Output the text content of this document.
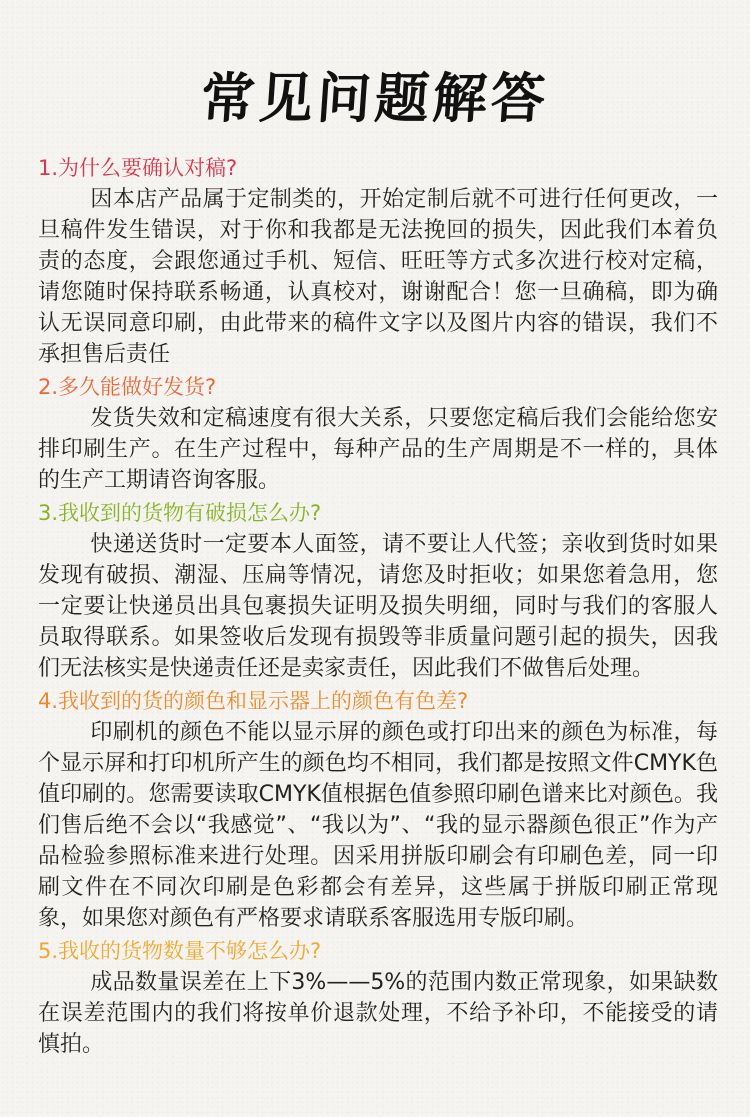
常见问题解答
1.为什么要确认对稿?
因本店产品属于定制类的，开始定制后就不可进行任何更改，一旦稿件发生错误，对于你和我都是无法挽回的损失，因此我们本着负责的态度，会跟您通过手机、短信、旺旺等方式多次进行校对定稿，请您随时保持联系畅通，认真校对，谢谢配合！您一旦确稿，即为确认无误同意印刷，由此带来的稿件文字以及图片内容的错误，我们不承担售后责任
2.多久能做好发货?
发货失效和定稿速度有很大关系，只要您定稿后我们会能给您安排印刷生产。在生产过程中，每种产品的生产周期是不一样的，具体的生产工期请咨询客服。
3.我收到的货物有破损怎么办?
快递送货时一定要本人面签，请不要让人代签；亲收到货时如果发现有破损、潮湿、压扁等情况，请您及时拒收；如果您着急用，您一定要让快递员出具包裹损失证明及损失明细，同时与我们的客服人员取得联系。如果签收后发现有损毁等非质量问题引起的损失，因我们无法核实是快递责任还是卖家责任，因此我们不做售后处理。
4.我收到的货的颜色和显示器上的颜色有色差?
印刷机的颜色不能以显示屏的颜色或打印出来的颜色为标准，每个显示屏和打印机所产生的颜色均不相同，我们都是按照文件CMYK色值印刷的。您需要读取CMYK值根据色值参照印刷色谱来比对颜色。我们售后绝不会以“我感觉”、“我以为”、“我的显示器颜色很正”作为产品检验参照标准来进行处理。因采用拼版印刷会有印刷色差，同一印刷文件在不同次印刷是色彩都会有差异，这些属于拼版印刷正常现象，如果您对颜色有严格要求请联系客服选用专版印刷。
5.我收的货物数量不够怎么办?
成品数量误差在上下3%——5%的范围内数正常现象，如果缺数在误差范围内的我们将按单价退款处理，不给予补印，不能接受的请慎拍。
